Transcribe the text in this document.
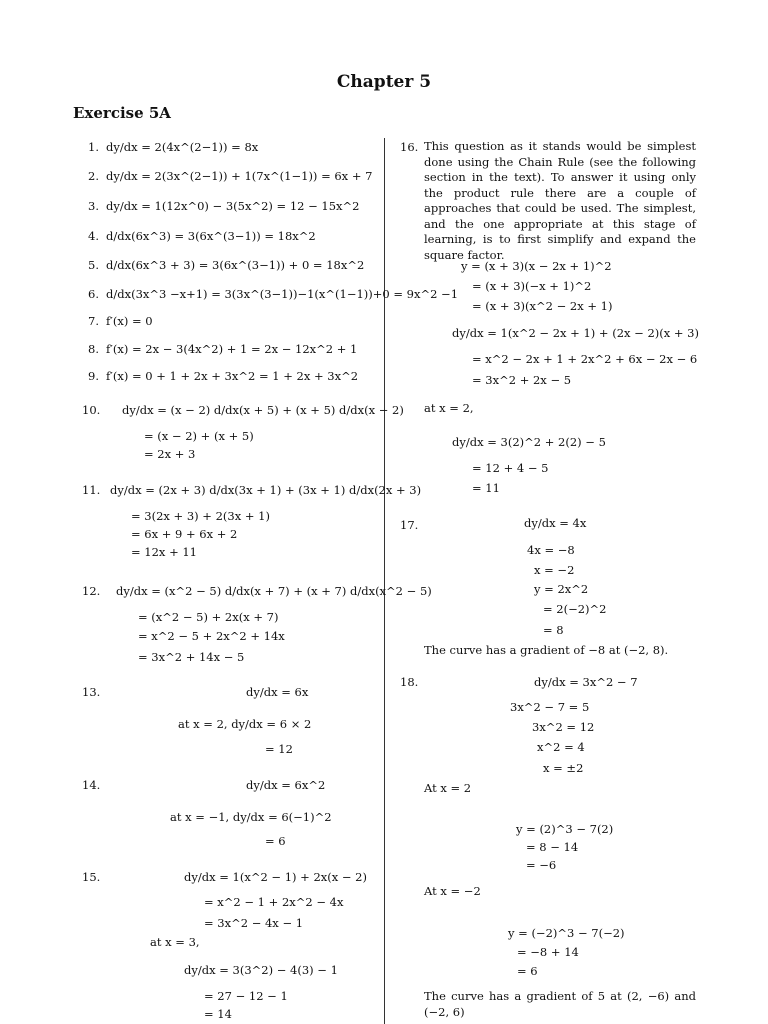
Chapter 5
Exercise 5A
1. dy/dx = 2(4x^(2−1)) = 8x
2. dy/dx = 2(3x^(2−1)) + 1(7x^(1−1)) = 6x + 7
3. dy/dx = 1(12x^0) − 3(5x^2) = 12 − 15x^2
4. d/dx(6x^3) = 3(6x^(3−1)) = 18x^2
5. d/dx(6x^3 + 3) = 3(6x^(3−1)) + 0 = 18x^2
6. d/dx(3x^3 −x+1) = 3(3x^(3−1))−1(x^(1−1))+0 = 9x^2 −1
7. f′(x) = 0
8. f′(x) = 2x − 3(4x^2) + 1 = 2x − 12x^2 + 1
9. f′(x) = 0 + 1 + 2x + 3x^2 = 1 + 2x + 3x^2
10. dy/dx = (x − 2) d/dx(x + 5) + (x + 5) d/dx(x − 2)
= (x − 2) + (x + 5)
= 2x + 3
11. dy/dx = (2x + 3) d/dx(3x + 1) + (3x + 1) d/dx(2x + 3)
= 3(2x + 3) + 2(3x + 1)
= 6x + 9 + 6x + 2
= 12x + 11
12. dy/dx = (x^2 − 5) d/dx(x + 7) + (x + 7) d/dx(x^2 − 5)
= (x^2 − 5) + 2x(x + 7)
= x^2 − 5 + 2x^2 + 14x
= 3x^2 + 14x − 5
13.	dy/dx = 6x
at x = 2, dy/dx = 6 × 2
= 12
14.	dy/dx = 6x^2
at x = −1, dy/dx = 6(−1)^2
= 6
15.	dy/dx = 1(x^2 − 1) + 2x(x − 2)
= x^2 − 1 + 2x^2 − 4x
= 3x^2 − 4x − 1
at x = 3,
dy/dx = 3(3^2) − 4(3) − 1
= 27 − 12 − 1
= 14
16. This question as it stands would be simplest done using the Chain Rule (see the following section in the text). To answer it using only the product rule there are a couple of approaches that could be used. The simplest, and the one appropriate at this stage of learning, is to first simplify and expand the square factor.
y = (x + 3)(x − 2x + 1)^2
= (x + 3)(−x + 1)^2
= (x + 3)(x^2 − 2x + 1)
dy/dx = 1(x^2 − 2x + 1) + (2x − 2)(x + 3)
= x^2 − 2x + 1 + 2x^2 + 6x − 2x − 6
= 3x^2 + 2x − 5
at x = 2,
dy/dx = 3(2)^2 + 2(2) − 5
= 12 + 4 − 5
= 11
17.	dy/dx = 4x
4x = −8
x = −2
y = 2x^2
= 2(−2)^2
= 8
The curve has a gradient of −8 at (−2, 8).
18.	dy/dx = 3x^2 − 7
3x^2 − 7 = 5
3x^2 = 12
x^2 = 4
x = ±2
At x = 2
y = (2)^3 − 7(2)
= 8 − 14
= −6
At x = −2
y = (−2)^3 − 7(−2)
= −8 + 14
= 6
The curve has a gradient of 5 at (2, −6) and (−2, 6)
